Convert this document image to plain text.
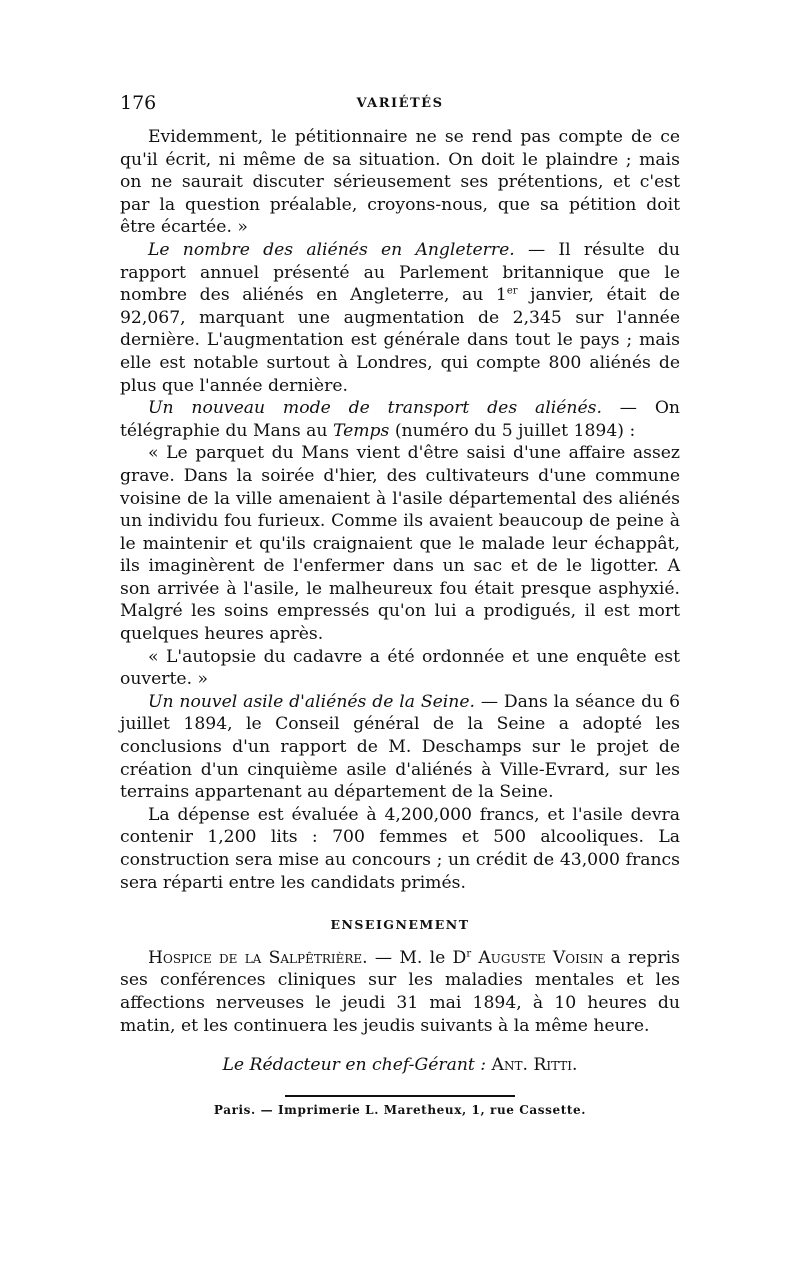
176	VARIÉTÉS

Evidemment, le pétitionnaire ne se rend pas compte de ce qu'il écrit, ni même de sa situation. On doit le plaindre ; mais on ne saurait discuter sérieusement ses prétentions, et c'est par la question préalable, croyons-nous, que sa pétition doit être écartée. »

Le nombre des aliénés en Angleterre. — Il résulte du rapport annuel présenté au Parlement britannique que le nombre des aliénés en Angleterre, au 1er janvier, était de 92,067, marquant une augmentation de 2,345 sur l'année dernière. L'augmentation est générale dans tout le pays ; mais elle est notable surtout à Londres, qui compte 800 aliénés de plus que l'année dernière.

Un nouveau mode de transport des aliénés. — On télégraphie du Mans au Temps (numéro du 5 juillet 1894) :

« Le parquet du Mans vient d'être saisi d'une affaire assez grave. Dans la soirée d'hier, des cultivateurs d'une commune voisine de la ville amenaient à l'asile départemental des aliénés un individu fou furieux. Comme ils avaient beaucoup de peine à le maintenir et qu'ils craignaient que le malade leur échappât, ils imaginèrent de l'enfermer dans un sac et de le ligotter. A son arrivée à l'asile, le malheureux fou était presque asphyxié. Malgré les soins empressés qu'on lui a prodigués, il est mort quelques heures après.

« L'autopsie du cadavre a été ordonnée et une enquête est ouverte. »

Un nouvel asile d'aliénés de la Seine. — Dans la séance du 6 juillet 1894, le Conseil général de la Seine a adopté les conclusions d'un rapport de M. Deschamps sur le projet de création d'un cinquième asile d'aliénés à Ville-Evrard, sur les terrains appartenant au département de la Seine.

La dépense est évaluée à 4,200,000 francs, et l'asile devra contenir 1,200 lits : 700 femmes et 500 alcooliques. La construction sera mise au concours ; un crédit de 43,000 francs sera réparti entre les candidats primés.

ENSEIGNEMENT

Hospice de la Salpêtrière. — M. le $D^r$ Auguste Voisin a repris ses conférences cliniques sur les maladies mentales et les affections nerveuses le jeudi 31 mai 1894, à 10 heures du matin, et les continuera les jeudis suivants à la même heure.

Le Rédacteur en chef-Gérant : Ant. Ritti.
Paris. — Imprimerie L. Maretheux, 1, rue Cassette.
